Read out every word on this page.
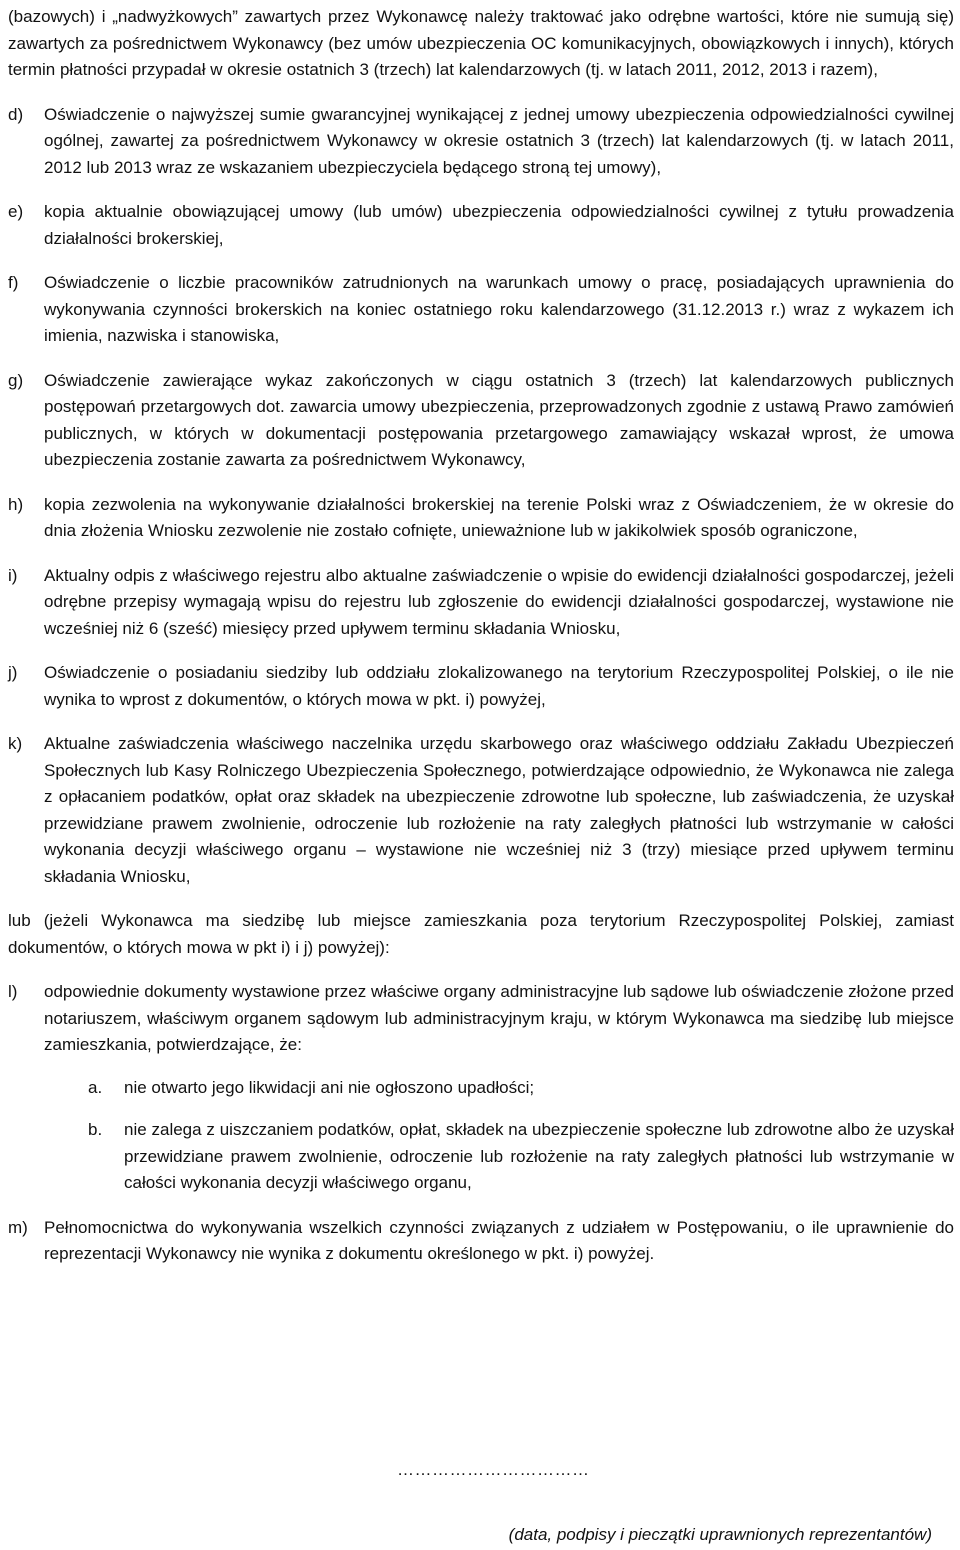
(bazowych) i „nadwyżkowych” zawartych przez Wykonawcę należy traktować jako odrębne wartości, które nie sumują się) zawartych za pośrednictwem Wykonawcy (bez umów ubezpieczenia OC komunikacyjnych, obowiązkowych i innych), których termin płatności przypadał w okresie ostatnich 3 (trzech) lat kalendarzowych (tj. w latach 2011, 2012, 2013 i razem),

d)	Oświadczenie o najwyższej sumie gwarancyjnej wynikającej z jednej umowy ubezpieczenia odpowiedzialności cywilnej ogólnej, zawartej za pośrednictwem Wykonawcy w okresie ostatnich 3 (trzech) lat kalendarzowych (tj. w latach 2011, 2012 lub 2013 wraz ze wskazaniem ubezpieczyciela będącego stroną tej umowy),

e)	kopia aktualnie obowiązującej umowy (lub umów) ubezpieczenia odpowiedzialności cywilnej z tytułu prowadzenia działalności brokerskiej,

f)	Oświadczenie o liczbie pracowników zatrudnionych na warunkach umowy o pracę, posiadających uprawnienia do wykonywania czynności brokerskich na koniec ostatniego roku kalendarzowego (31.12.2013 r.) wraz z wykazem ich imienia, nazwiska i stanowiska,

g)	Oświadczenie zawierające wykaz zakończonych w ciągu ostatnich 3 (trzech) lat kalendarzowych publicznych postępowań przetargowych dot. zawarcia umowy ubezpieczenia, przeprowadzonych zgodnie z ustawą Prawo zamówień publicznych, w których w dokumentacji postępowania przetargowego zamawiający wskazał wprost, że umowa ubezpieczenia zostanie zawarta za pośrednictwem Wykonawcy,

h)	kopia zezwolenia na wykonywanie działalności brokerskiej na terenie Polski wraz z Oświadczeniem, że w okresie do dnia złożenia Wniosku zezwolenie nie zostało cofnięte, unieważnione lub w jakikolwiek sposób ograniczone,

i)	Aktualny odpis z właściwego rejestru albo aktualne zaświadczenie o wpisie do ewidencji działalności gospodarczej, jeżeli odrębne przepisy wymagają wpisu do rejestru lub zgłoszenie do ewidencji działalności gospodarczej, wystawione nie wcześniej niż 6 (sześć) miesięcy przed upływem terminu składania Wniosku,

j)	Oświadczenie o posiadaniu siedziby lub oddziału zlokalizowanego na terytorium Rzeczypospolitej Polskiej, o ile nie wynika to wprost z dokumentów, o których mowa w pkt. i) powyżej,

k)	Aktualne zaświadczenia właściwego naczelnika urzędu skarbowego oraz właściwego oddziału Zakładu Ubezpieczeń Społecznych lub Kasy Rolniczego Ubezpieczenia Społecznego, potwierdzające odpowiednio, że Wykonawca nie zalega z opłacaniem podatków, opłat oraz składek na ubezpieczenie zdrowotne lub społeczne, lub zaświadczenia, że uzyskał przewidziane prawem zwolnienie, odroczenie lub rozłożenie na raty zaległych płatności lub wstrzymanie w całości wykonania decyzji właściwego organu – wystawione nie wcześniej niż 3 (trzy) miesiące przed upływem terminu składania Wniosku,

lub (jeżeli Wykonawca ma siedzibę lub miejsce zamieszkania poza terytorium Rzeczypospolitej Polskiej, zamiast dokumentów, o których mowa w pkt i) i j) powyżej):

l)	odpowiednie dokumenty wystawione przez właściwe organy administracyjne lub sądowe lub oświadczenie złożone przed notariuszem, właściwym organem sądowym lub administracyjnym kraju, w którym Wykonawca ma siedzibę lub miejsce zamieszkania, potwierdzające, że:

a.	nie otwarto jego likwidacji ani nie ogłoszono upadłości;

b.	nie zalega z uiszczaniem podatków, opłat, składek na ubezpieczenie społeczne lub zdrowotne albo że uzyskał przewidziane prawem zwolnienie, odroczenie lub rozłożenie na raty zaległych płatności lub wstrzymanie w całości wykonania decyzji właściwego organu,

m) Pełnomocnictwa do wykonywania wszelkich czynności związanych z udziałem w Postępowaniu, o ile uprawnienie do reprezentacji Wykonawcy nie wynika z dokumentu określonego w pkt. i) powyżej.

……………………………
(data, podpisy i pieczątki uprawnionych reprezentantów)
